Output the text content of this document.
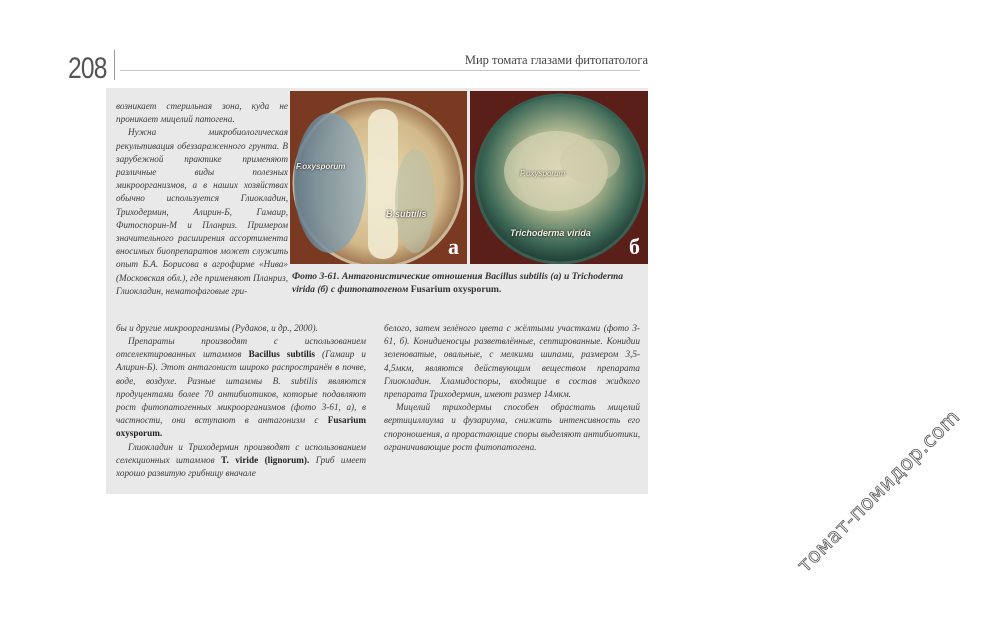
208	Мир томата глазами фитопатолога
F.oxysporum
B.subtilis
а
F.oxysporum
Trichoderma virida
б
Фото 3-61. Антагонистические отношения Bacillus subtilis (а) и Trichoderma virida (б) с фитопатогеном Fusarium oxysporum.

возникает стерильная зона, куда не проникает мицелий патогена.

Нужна микробиологическая рекультивация обеззараженного грунта. В зарубежной практике применяют различные виды полезных микроорганизмов, а в наших хозяйствах обычно используется Глиокладин, Триходермин, Алирин-Б, Гамаир, Фитоспорин-М и Планриз. Примером значительного расширения ассортимента вносимых биопрепаратов может служить опыт Б.А. Борисова в агрофирме «Нива» (Московская обл.), где применяют Планриз, Глиокладин, нематофаговые гри-

бы и другие микроорганизмы (Рудаков, и др., 2000).

Препараты производят с использованием отселектированных штаммов Bacillus subtilis (Гамаир и Алирин-Б). Этот антагонист широко распространён в почве, воде, воздухе. Разные штаммы B. subtilis являются продуцентами более 70 антибиотиков, которые подавляют рост фитопатогенных микроорганизмов (фото 3-61, а), в частности, они вступают в антагонизм с Fusarium oxysporum.

Глиокладин и Триходермин производят с использованием селекционных штаммов T. viride (lignorum). Гриб имеет хорошо развитую грибницу вначале

белого, затем зелёного цвета с жёлтыми участками (фото 3-61, б). Конидиеносцы разветвлённые, септированные. Конидии зеленоватые, овальные, с мелкими шипами, размером 3,5-4,5мкм, являются действующим веществом препарата Глиокладин. Хламидоспоры, входящие в состав жидкого препарата Триходермин, имеют размер 14мкм.

Мицелий триходермы способен обрастать мицелий вертициллиума и фузариума, снижать интенсивность его спороношения, а прорастающие споры выделяют антибиотики, ограничивающие рост фитопатогена.	томат-помидор.com
